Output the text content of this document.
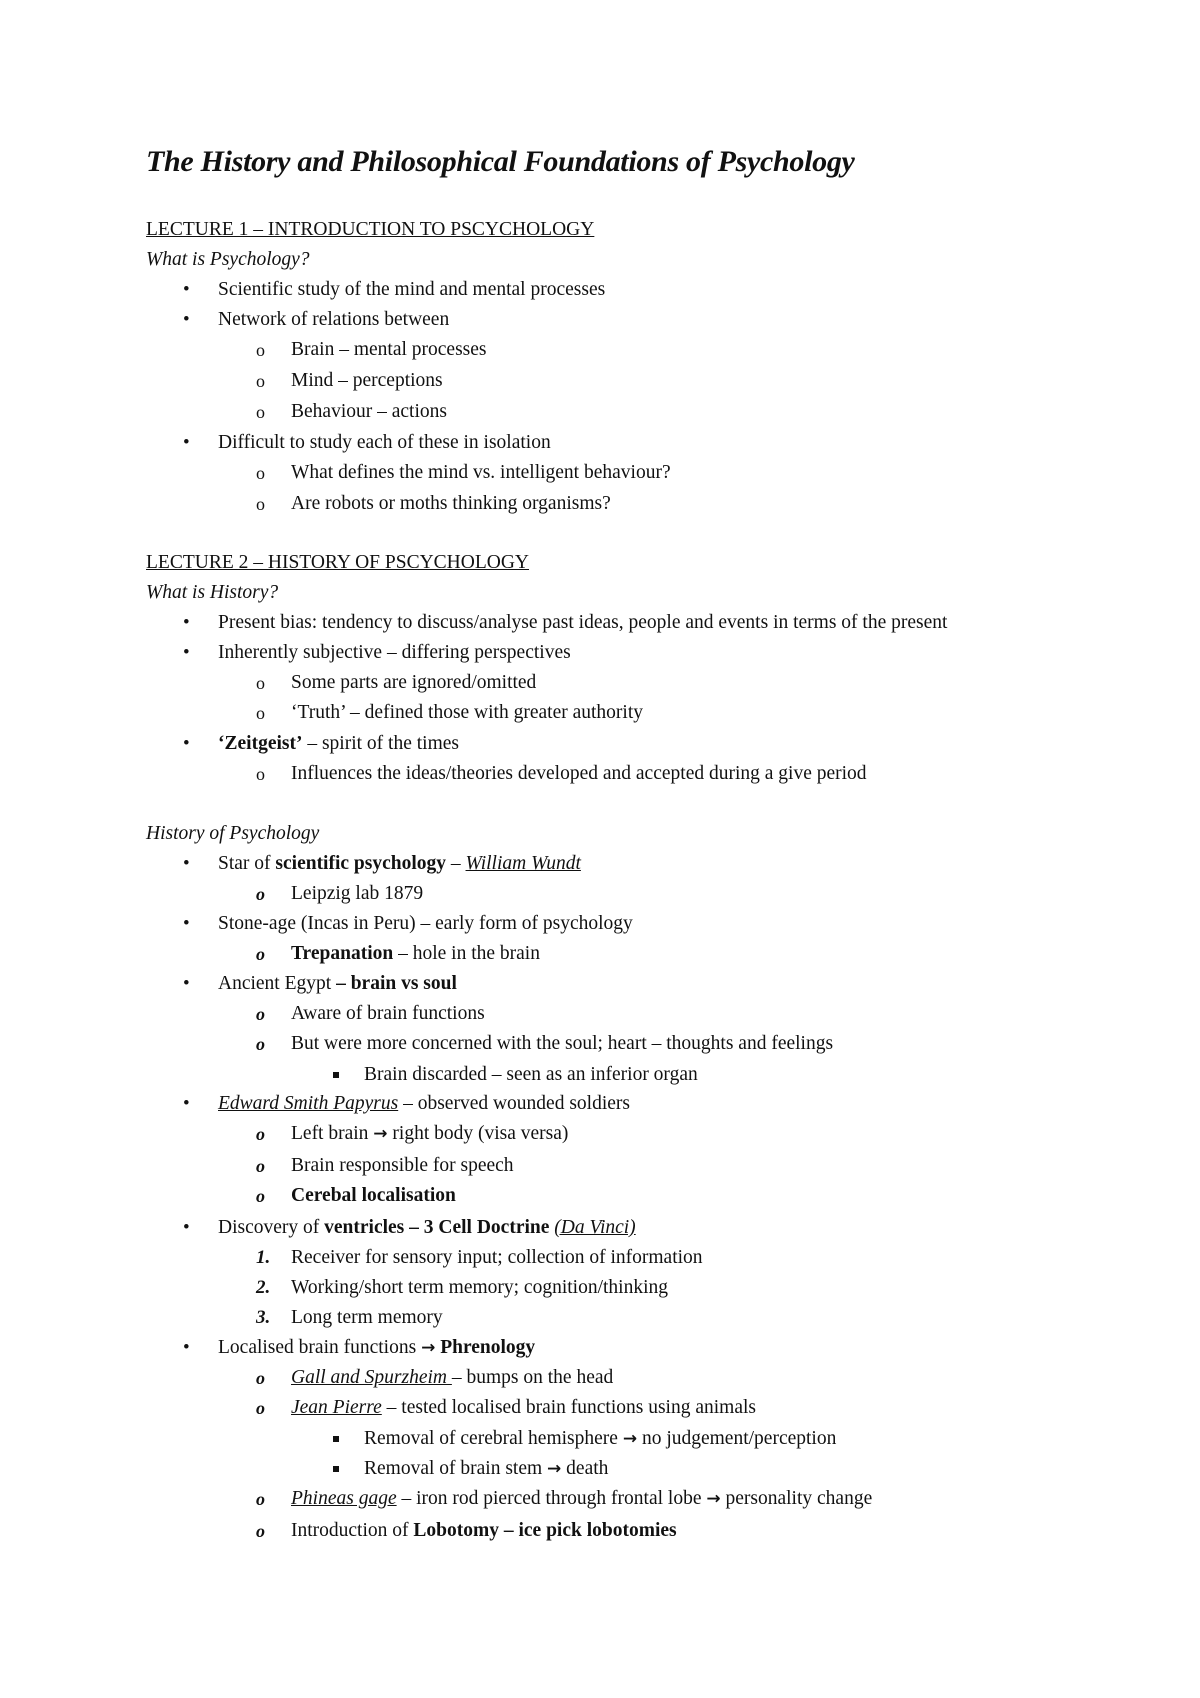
The History and Philosophical Foundations of Psychology
LECTURE 1 – INTRODUCTION TO PSCYCHOLOGY
What is Psychology?
• Scientific study of the mind and mental processes
• Network of relations between
o Brain – mental processes
o Mind – perceptions
o Behaviour – actions
• Difficult to study each of these in isolation
o What defines the mind vs. intelligent behaviour?
o Are robots or moths thinking organisms?
LECTURE 2 – HISTORY OF PSCYCHOLOGY
What is History?
• Present bias: tendency to discuss/analyse past ideas, people and events in terms of the present
• Inherently subjective – differing perspectives
o Some parts are ignored/omitted
o ‘Truth’ – defined those with greater authority
• ‘Zeitgeist’ – spirit of the times
o Influences the ideas/theories developed and accepted during a give period
History of Psychology
• Star of scientific psychology – William Wundt
o Leipzig lab 1879
• Stone-age (Incas in Peru) – early form of psychology
o Trepanation – hole in the brain
• Ancient Egypt – brain vs soul
o Aware of brain functions
o But were more concerned with the soul; heart – thoughts and feelings
Brain discarded – seen as an inferior organ
• Edward Smith Papyrus – observed wounded soldiers
o Left brain → right body (visa versa)
o Brain responsible for speech
o Cerebal localisation
• Discovery of ventricles – 3 Cell Doctrine (Da Vinci)
1. Receiver for sensory input; collection of information
2. Working/short term memory; cognition/thinking
3. Long term memory
• Localised brain functions → Phrenology
o Gall and Spurzheim – bumps on the head
o Jean Pierre – tested localised brain functions using animals
Removal of cerebral hemisphere → no judgement/perception
Removal of brain stem → death
o Phineas gage – iron rod pierced through frontal lobe → personality change
o Introduction of Lobotomy – ice pick lobotomies
